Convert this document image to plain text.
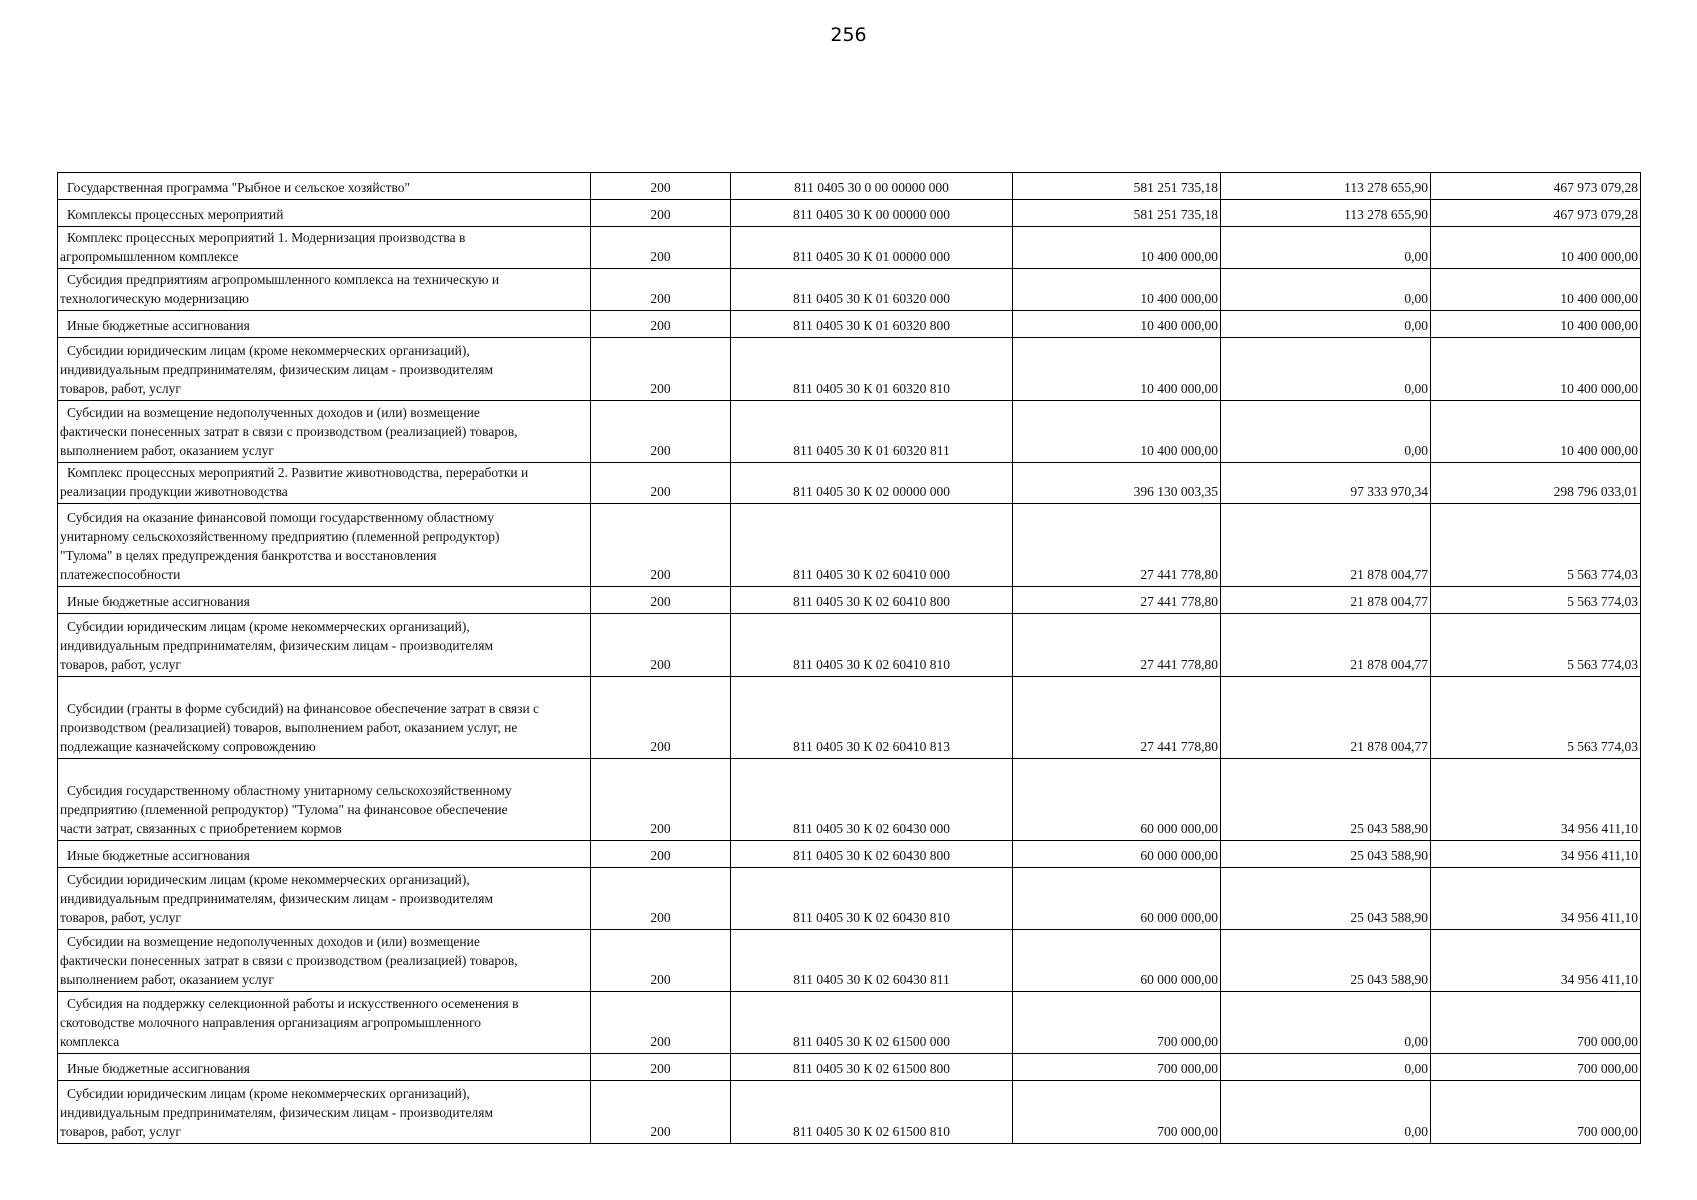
256
Государственная программа "Рыбное и сельское хозяйство"	200	811 0405 30 0 00 00000 000	581 251 735,18	113 278 655,90	467 973 079,28

Комплексы процессных мероприятий	200	811 0405 30 К 00 00000 000	581 251 735,18	113 278 655,90	467 973 079,28

Комплекс процессных мероприятий 1. Модернизация производства в
агропромышленном комплексе	200	811 0405 30 К 01 00000 000	10 400 000,00	0,00	10 400 000,00

Субсидия предприятиям агропромышленного комплекса на техническую и
технологическую модернизацию	200	811 0405 30 К 01 60320 000	10 400 000,00	0,00	10 400 000,00

Иные бюджетные ассигнования	200	811 0405 30 К 01 60320 800	10 400 000,00	0,00	10 400 000,00

Субсидии юридическим лицам (кроме некоммерческих организаций),
индивидуальным предпринимателям, физическим лицам - производителям
товаров, работ, услуг	200	811 0405 30 К 01 60320 810	10 400 000,00	0,00	10 400 000,00

Субсидии на возмещение недополученных доходов и (или) возмещение
фактически понесенных затрат в связи с производством (реализацией) товаров,
выполнением работ, оказанием услуг	200	811 0405 30 К 01 60320 811	10 400 000,00	0,00	10 400 000,00

Комплекс процессных мероприятий 2. Развитие животноводства, переработки и
реализации продукции животноводства	200	811 0405 30 К 02 00000 000	396 130 003,35	97 333 970,34	298 796 033,01

Субсидия на оказание финансовой помощи государственному областному
унитарному сельскохозяйственному предприятию (племенной репродуктор)
"Тулома" в целях предупреждения банкротства и восстановления
платежеспособности	200	811 0405 30 К 02 60410 000	27 441 778,80	21 878 004,77	5 563 774,03

Иные бюджетные ассигнования	200	811 0405 30 К 02 60410 800	27 441 778,80	21 878 004,77	5 563 774,03

Субсидии юридическим лицам (кроме некоммерческих организаций),
индивидуальным предпринимателям, физическим лицам - производителям
товаров, работ, услуг	200	811 0405 30 К 02 60410 810	27 441 778,80	21 878 004,77	5 563 774,03

Субсидии (гранты в форме субсидий) на финансовое обеспечение затрат в связи с
производством (реализацией) товаров, выполнением работ, оказанием услуг, не
подлежащие казначейскому сопровождению	200	811 0405 30 К 02 60410 813	27 441 778,80	21 878 004,77	5 563 774,03

Субсидия государственному областному унитарному сельскохозяйственному
предприятию (племенной репродуктор) "Тулома" на финансовое обеспечение
части затрат, связанных с приобретением кормов	200	811 0405 30 К 02 60430 000	60 000 000,00	25 043 588,90	34 956 411,10

Иные бюджетные ассигнования	200	811 0405 30 К 02 60430 800	60 000 000,00	25 043 588,90	34 956 411,10

Субсидии юридическим лицам (кроме некоммерческих организаций),
индивидуальным предпринимателям, физическим лицам - производителям
товаров, работ, услуг	200	811 0405 30 К 02 60430 810	60 000 000,00	25 043 588,90	34 956 411,10

Субсидии на возмещение недополученных доходов и (или) возмещение
фактически понесенных затрат в связи с производством (реализацией) товаров,
выполнением работ, оказанием услуг	200	811 0405 30 К 02 60430 811	60 000 000,00	25 043 588,90	34 956 411,10

Субсидия на поддержку селекционной работы и искусственного осеменения в
скотоводстве молочного направления организациям агропромышленного
комплекса	200	811 0405 30 К 02 61500 000	700 000,00	0,00	700 000,00

Иные бюджетные ассигнования	200	811 0405 30 К 02 61500 800	700 000,00	0,00	700 000,00

Субсидии юридическим лицам (кроме некоммерческих организаций),
индивидуальным предпринимателям, физическим лицам - производителям
товаров, работ, услуг	200	811 0405 30 К 02 61500 810	700 000,00	0,00	700 000,00
